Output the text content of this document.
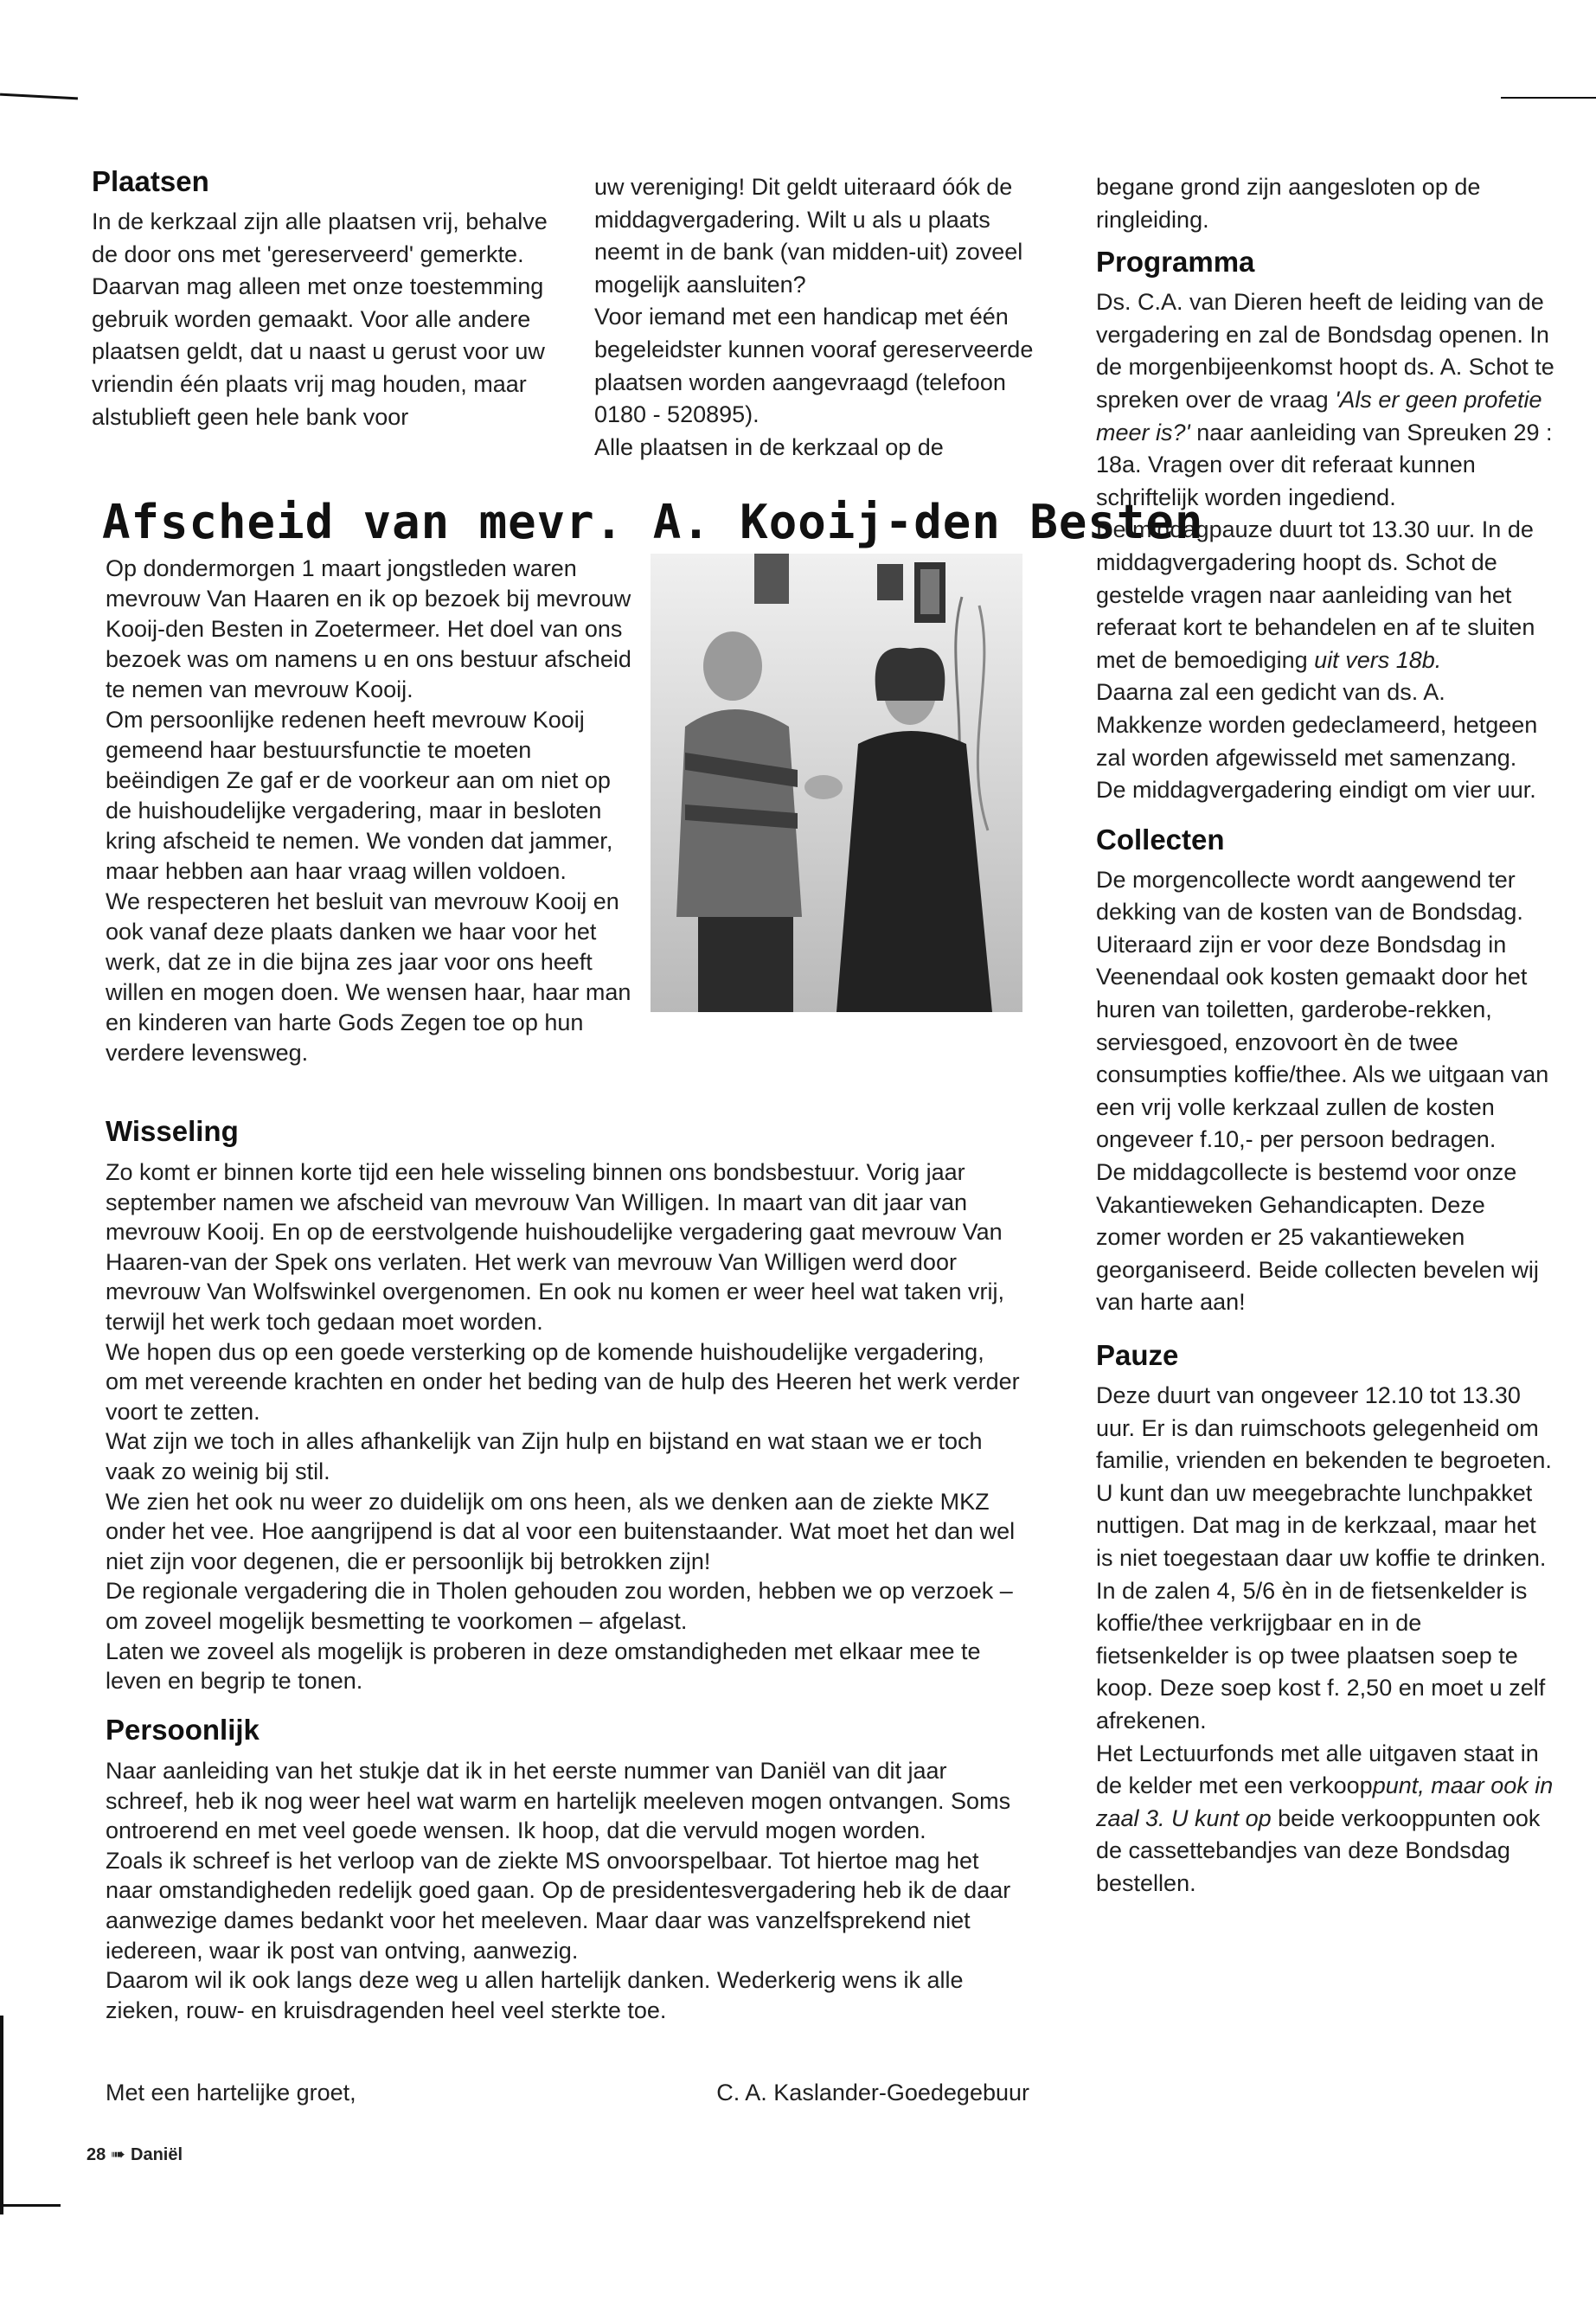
Plaatsen

In de kerkzaal zijn alle plaatsen vrij, behalve de door ons met 'gereserveerd' gemerkte. Daarvan mag alleen met onze toestemming gebruik worden gemaakt. Voor alle andere plaatsen geldt, dat u naast u gerust voor uw vriendin één plaats vrij mag houden, maar alstublieft geen hele bank voor

uw vereniging! Dit geldt uiteraard óók de middagvergadering. Wilt u als u plaats neemt in de bank (van midden-uit) zoveel mogelijk aansluiten?

Voor iemand met een handicap met één begeleidster kunnen vooraf gereserveerde plaatsen worden aangevraagd (telefoon 0180 - 520895).

Alle plaatsen in de kerkzaal op de

begane grond zijn aangesloten op de ringleiding.

Programma

Ds. C.A. van Dieren heeft de leiding van de vergadering en zal de Bondsdag openen. In de morgenbijeenkomst hoopt ds. A. Schot te spreken over de vraag 'Als er geen profetie meer is?' naar aanleiding van Spreuken 29 : 18a. Vragen over dit referaat kunnen schriftelijk worden ingediend.

De middagpauze duurt tot 13.30 uur. In de middagvergadering hoopt ds. Schot de gestelde vragen naar aanleiding van het referaat kort te behandelen en af te sluiten met de bemoediging uit vers 18b.

Daarna zal een gedicht van ds. A. Makkenze worden gedeclameerd, hetgeen zal worden afgewisseld met samenzang.

De middagvergadering eindigt om vier uur.

Collecten

De morgencollecte wordt aangewend ter dekking van de kosten van de Bondsdag. Uiteraard zijn er voor deze Bondsdag in Veenendaal ook kosten gemaakt door het huren van toiletten, garderobe-rekken, serviesgoed, enzovoort èn de twee consumpties koffie/thee. Als we uitgaan van een vrij volle kerkzaal zullen de kosten ongeveer f.10,- per persoon bedragen.

De middagcollecte is bestemd voor onze Vakantieweken Gehandicapten. Deze zomer worden er 25 vakantieweken georganiseerd. Beide collecten bevelen wij van harte aan!

Pauze

Deze duurt van ongeveer 12.10 tot 13.30 uur. Er is dan ruimschoots gelegenheid om familie, vrienden en bekenden te begroeten. U kunt dan uw meegebrachte lunchpakket nuttigen. Dat mag in de kerkzaal, maar het is niet toegestaan daar uw koffie te drinken. In de zalen 4, 5/6 èn in de fietsenkelder is koffie/thee verkrijgbaar en in de fietsenkelder is op twee plaatsen soep te koop. Deze soep kost f. 2,50 en moet u zelf afrekenen.

Het Lectuurfonds met alle uitgaven staat in de kelder met een verkooppunt, maar ook in zaal 3. U kunt op beide verkooppunten ook de cassettebandjes van deze Bondsdag bestellen.

Afscheid van mevr. A. Kooij-den Besten

Op dondermorgen 1 maart jongstleden waren mevrouw Van Haaren en ik op bezoek bij mevrouw Kooij-den Besten in Zoetermeer. Het doel van ons bezoek was om namens u en ons bestuur afscheid te nemen van mevrouw Kooij.

Om persoonlijke redenen heeft mevrouw Kooij gemeend haar bestuursfunctie te moeten beëindigen Ze gaf er de voorkeur aan om niet op de huishoudelijke vergadering, maar in besloten kring afscheid te nemen. We vonden dat jammer, maar hebben aan haar vraag willen voldoen.

We respecteren het besluit van mevrouw Kooij en ook vanaf deze plaats danken we haar voor het werk, dat ze in die bijna zes jaar voor ons heeft willen en mogen doen. We wensen haar, haar man en kinderen van harte Gods Zegen toe op hun verdere levensweg.

Wisseling

Zo komt er binnen korte tijd een hele wisseling binnen ons bondsbestuur. Vorig jaar september namen we afscheid van mevrouw Van Willigen. In maart van dit jaar van mevrouw Kooij. En op de eerstvolgende huishoudelijke vergadering gaat mevrouw Van Haaren-van der Spek ons verlaten. Het werk van mevrouw Van Willigen werd door mevrouw Van Wolfswinkel overgenomen. En ook nu komen er weer heel wat taken vrij, terwijl het werk toch gedaan moet worden.

We hopen dus op een goede versterking op de komende huishoudelijke vergadering, om met vereende krachten en onder het beding van de hulp des Heeren het werk verder voort te zetten.

Wat zijn we toch in alles afhankelijk van Zijn hulp en bijstand en wat staan we er toch vaak zo weinig bij stil.

We zien het ook nu weer zo duidelijk om ons heen, als we denken aan de ziekte MKZ onder het vee. Hoe aangrijpend is dat al voor een buitenstaander. Wat moet het dan wel niet zijn voor degenen, die er persoonlijk bij betrokken zijn!

De regionale vergadering die in Tholen gehouden zou worden, hebben we op verzoek – om zoveel mogelijk besmetting te voorkomen – afgelast.

Laten we zoveel als mogelijk is proberen in deze omstandigheden met elkaar mee te leven en begrip te tonen.

Persoonlijk

Naar aanleiding van het stukje dat ik in het eerste nummer van Daniël van dit jaar schreef, heb ik nog weer heel wat warm en hartelijk meeleven mogen ontvangen. Soms ontroerend en met veel goede wensen. Ik hoop, dat die vervuld mogen worden.

Zoals ik schreef is het verloop van de ziekte MS onvoorspelbaar. Tot hiertoe mag het naar omstandigheden redelijk goed gaan. Op de presidentesvergadering heb ik de daar aanwezige dames bedankt voor het meeleven. Maar daar was vanzelfsprekend niet iedereen, waar ik post van ontving, aanwezig.

Daarom wil ik ook langs deze weg u allen hartelijk danken. Wederkerig wens ik alle zieken, rouw- en kruisdragenden heel veel sterkte toe.

Met een hartelijke groet,	C. A. Kaslander-Goedegebuur
28 ➠ Daniël
